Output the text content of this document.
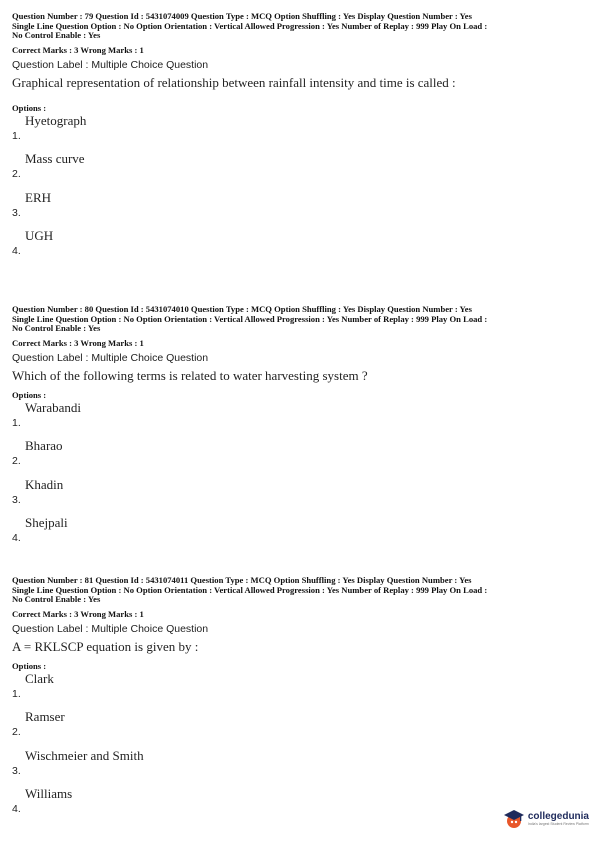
Question Number : 79 Question Id : 5431074009 Question Type : MCQ Option Shuffling : Yes Display Question Number : Yes
Single Line Question Option : No Option Orientation : Vertical Allowed Progression : Yes Number of Replay : 999 Play On Load :
No Control Enable : Yes
Correct Marks : 3 Wrong Marks : 1
Question Label : Multiple Choice Question
Graphical representation of relationship between rainfall intensity and time is called :
Options :
1.
Hyetograph
2.
Mass curve
3.
ERH
4.
UGH
Question Number : 80 Question Id : 5431074010 Question Type : MCQ Option Shuffling : Yes Display Question Number : Yes
Single Line Question Option : No Option Orientation : Vertical Allowed Progression : Yes Number of Replay : 999 Play On Load :
No Control Enable : Yes
Correct Marks : 3 Wrong Marks : 1
Question Label : Multiple Choice Question
Which of the following terms is related to water harvesting system ?
Options :
1.
Warabandi
2.
Bharao
3.
Khadin
4.
Shejpali
Question Number : 81 Question Id : 5431074011 Question Type : MCQ Option Shuffling : Yes Display Question Number : Yes
Single Line Question Option : No Option Orientation : Vertical Allowed Progression : Yes Number of Replay : 999 Play On Load :
No Control Enable : Yes
Correct Marks : 3 Wrong Marks : 1
Question Label : Multiple Choice Question
A = RKLSCP equation is given by :
Options :
1.
Clark
2.
Ramser
3.
Wischmeier and Smith
4.
Williams
collegedunia
India's largest Student Review Platform
